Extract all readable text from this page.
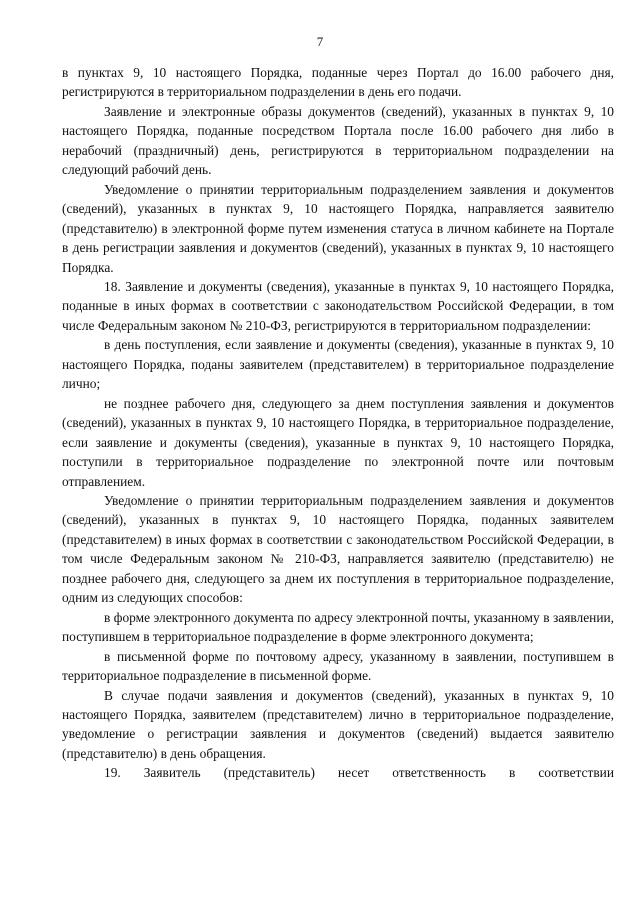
7

в пунктах 9, 10 настоящего Порядка, поданные через Портал до 16.00 рабочего дня, регистрируются в территориальном подразделении в день его подачи.

Заявление и электронные образы документов (сведений), указанных в пунктах 9, 10 настоящего Порядка, поданные посредством Портала после 16.00 рабочего дня либо в нерабочий (праздничный) день, регистрируются в территориальном подразделении на следующий рабочий день.

Уведомление о принятии территориальным подразделением заявления и документов (сведений), указанных в пунктах 9, 10 настоящего Порядка, направляется заявителю (представителю) в электронной форме путем изменения статуса в личном кабинете на Портале в день регистрации заявления и документов (сведений), указанных в пунктах 9, 10 настоящего Порядка.

18. Заявление и документы (сведения), указанные в пунктах 9, 10 настоящего Порядка, поданные в иных формах в соответствии с законодательством Российской Федерации, в том числе Федеральным законом № 210-ФЗ, регистрируются в территориальном подразделении:

в день поступления, если заявление и документы (сведения), указанные в пунктах 9, 10 настоящего Порядка, поданы заявителем (представителем) в территориальное подразделение лично;

не позднее рабочего дня, следующего за днем поступления заявления и документов (сведений), указанных в пунктах 9, 10 настоящего Порядка, в территориальное подразделение, если заявление и документы (сведения), указанные в пунктах 9, 10 настоящего Порядка, поступили в территориальное подразделение по электронной почте или почтовым отправлением.

Уведомление о принятии территориальным подразделением заявления и документов (сведений), указанных в пунктах 9, 10 настоящего Порядка, поданных заявителем (представителем) в иных формах в соответствии с законодательством Российской Федерации, в том числе Федеральным законом № 210-ФЗ, направляется заявителю (представителю) не позднее рабочего дня, следующего за днем их поступления в территориальное подразделение, одним из следующих способов:

в форме электронного документа по адресу электронной почты, указанному в заявлении, поступившем в территориальное подразделение в форме электронного документа;

в письменной форме по почтовому адресу, указанному в заявлении, поступившем в территориальное подразделение в письменной форме.

В случае подачи заявления и документов (сведений), указанных в пунктах 9, 10 настоящего Порядка, заявителем (представителем) лично в территориальное подразделение, уведомление о регистрации заявления и документов (сведений) выдается заявителю (представителю) в день обращения.

19. Заявитель (представитель) несет ответственность в соответствии
